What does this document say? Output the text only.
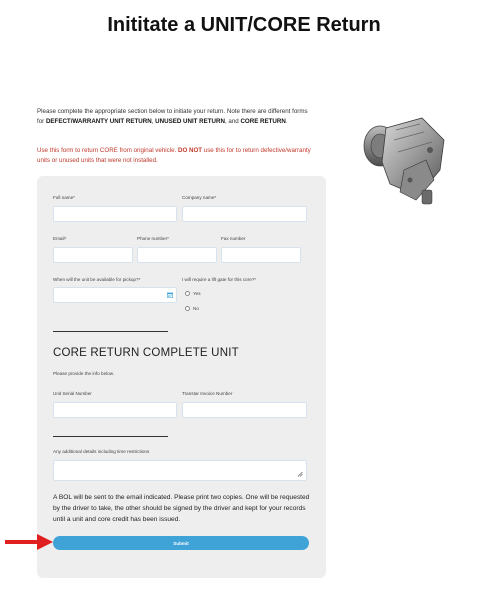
Inititate a UNIT/CORE Return

Please complete the appropriate section below to initiate your return. Note there are different forms for DEFECT/WARRANTY UNIT RETURN, UNUSED UNIT RETURN, and CORE RETURN.

Use this form to return CORE from original vehicle. DO NOT use this for to return defective/warranty units or unused units that were not installed.

Full name*	Company name*
Email*	Phone number*	Fax number
When will the unit be available for pickup?*	I will require a lift gate for this core?*
Yes
No
CORE RETURN COMPLETE UNIT
Please provide the info below.
Unit Serial Number	Transtar Invoice Number
Any additional details including time restrictions

A BOL will be sent to the email indicated. Please print two copies. One will be requested by the driver to take, the other should be signed by the driver and kept for your records until a unit and core credit has been issued.

Submit
